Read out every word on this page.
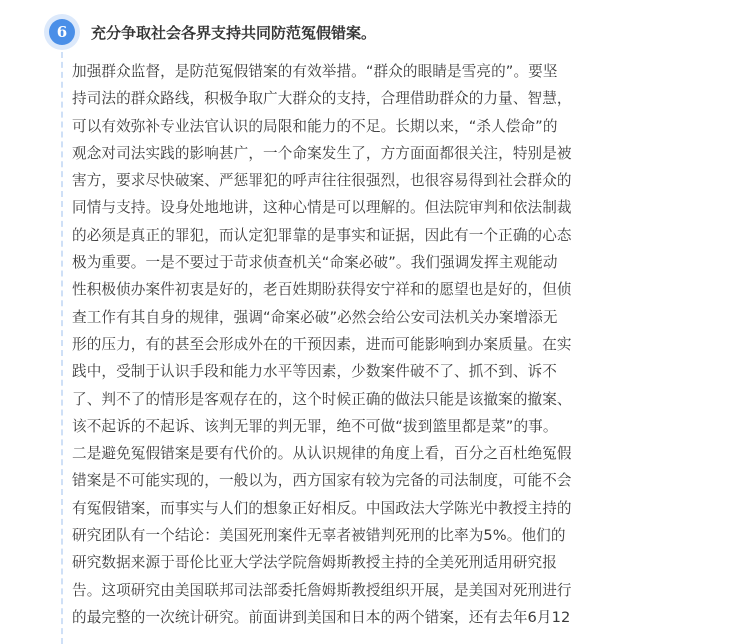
6	充分争取社会各界支持共同防范冤假错案。
加强群众监督，是防范冤假错案的有效举措。“群众的眼睛是雪亮的”。要坚
持司法的群众路线，积极争取广大群众的支持，合理借助群众的力量、智慧，
可以有效弥补专业法官认识的局限和能力的不足。长期以来，“杀人偿命”的
观念对司法实践的影响甚广，一个命案发生了，方方面面都很关注，特别是被
害方，要求尽快破案、严惩罪犯的呼声往往很强烈，也很容易得到社会群众的
同情与支持。设身处地地讲，这种心情是可以理解的。但法院审判和依法制裁
的必须是真正的罪犯，而认定犯罪靠的是事实和证据，因此有一个正确的心态
极为重要。一是不要过于苛求侦查机关“命案必破”。我们强调发挥主观能动
性积极侦办案件初衷是好的，老百姓期盼获得安宁祥和的愿望也是好的，但侦
查工作有其自身的规律，强调“命案必破”必然会给公安司法机关办案增添无
形的压力，有的甚至会形成外在的干预因素，进而可能影响到办案质量。在实
践中，受制于认识手段和能力水平等因素，少数案件破不了、抓不到、诉不
了、判不了的情形是客观存在的，这个时候正确的做法只能是该撤案的撤案、
该不起诉的不起诉、该判无罪的判无罪，绝不可做“拔到篮里都是菜”的事。
二是避免冤假错案是要有代价的。从认识规律的角度上看，百分之百杜绝冤假
错案是不可能实现的，一般以为，西方国家有较为完备的司法制度，可能不会
有冤假错案，而事实与人们的想象正好相反。中国政法大学陈光中教授主持的
研究团队有一个结论：美国死刑案件无辜者被错判死刑的比率为5%。他们的
研究数据来源于哥伦比亚大学法学院詹姆斯教授主持的全美死刑适用研究报
告。这项研究由美国联邦司法部委托詹姆斯教授组织开展，是美国对死刑进行
的最完整的一次统计研究。前面讲到美国和日本的两个错案，还有去年6月12
